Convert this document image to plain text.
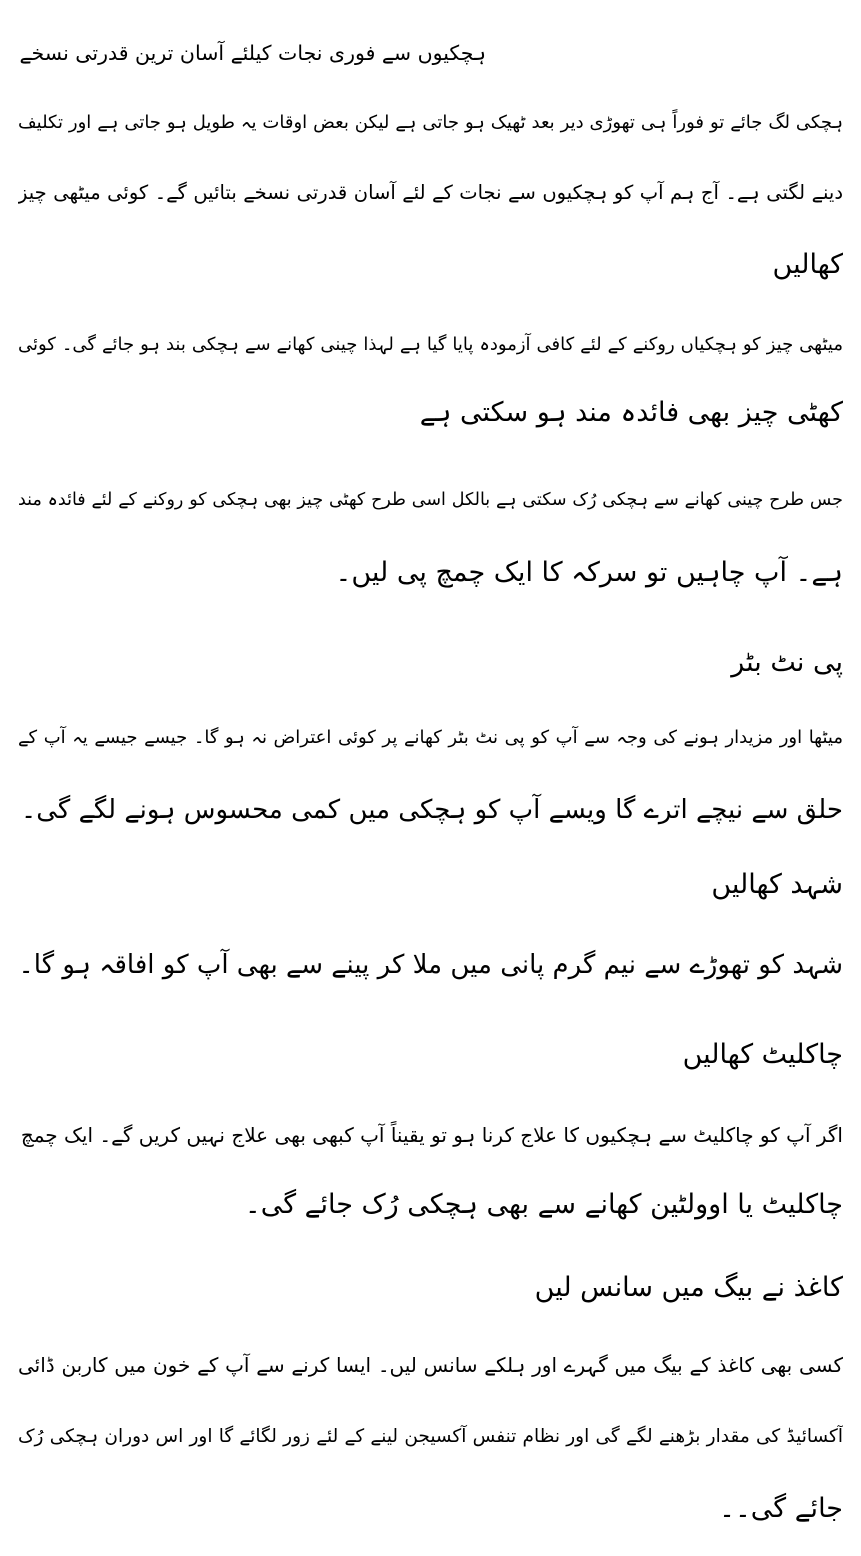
ہچکیوں سے فوری نجات کیلئے آسان ترین قدرتی نسخے
ہچکی لگ جائے تو فوراً ہی تھوڑی دیر بعد ٹھیک ہو جاتی ہے لیکن بعض اوقات یہ طویل ہو جاتی ہے اور تکلیف
دینے لگتی ہے۔ آج ہم آپ کو ہچکیوں سے نجات کے لئے آسان قدرتی نسخے بتائیں گے۔ کوئی میٹھی چیز
کھالیں
میٹھی چیز کو ہچکیاں روکنے کے لئے کافی آزمودہ پایا گیا ہے لہذا چینی کھانے سے ہچکی بند ہو جائے گی۔ کوئی
کھٹی چیز بھی فائدہ مند ہو سکتی ہے
جس طرح چینی کھانے سے ہچکی رُک سکتی ہے بالکل اسی طرح کھٹی چیز بھی ہچکی کو روکنے کے لئے فائدہ مند
ہے۔ آپ چاہیں تو سرکہ کا ایک چمچ پی لیں۔
پی نٹ بٹر
میٹھا اور مزیدار ہونے کی وجہ سے آپ کو پی نٹ بٹر کھانے پر کوئی اعتراض نہ ہو گا۔ جیسے جیسے یہ آپ کے
حلق سے نیچے اترے گا ویسے آپ کو ہچکی میں کمی محسوس ہونے لگے گی۔
شہد کھالیں
شہد کو تھوڑے سے نیم گرم پانی میں ملا کر پینے سے بھی آپ کو افاقہ ہو گا۔
چاکلیٹ کھالیں
اگر آپ کو چاکلیٹ سے ہچکیوں کا علاج کرنا ہو تو یقیناً آپ کبھی بھی علاج نہیں کریں گے۔ ایک چمچ
چاکلیٹ یا اوولٹین کھانے سے بھی ہچکی رُک جائے گی۔
کاغذ نے بیگ میں سانس لیں
کسی بھی کاغذ کے بیگ میں گہرے اور ہلکے سانس لیں۔ ایسا کرنے سے آپ کے خون میں کاربن ڈائی
آکسائیڈ کی مقدار بڑھنے لگے گی اور نظام تنفس آکسیجن لینے کے لئے زور لگائے گا اور اس دوران ہچکی رُک
جائے گی۔۔
